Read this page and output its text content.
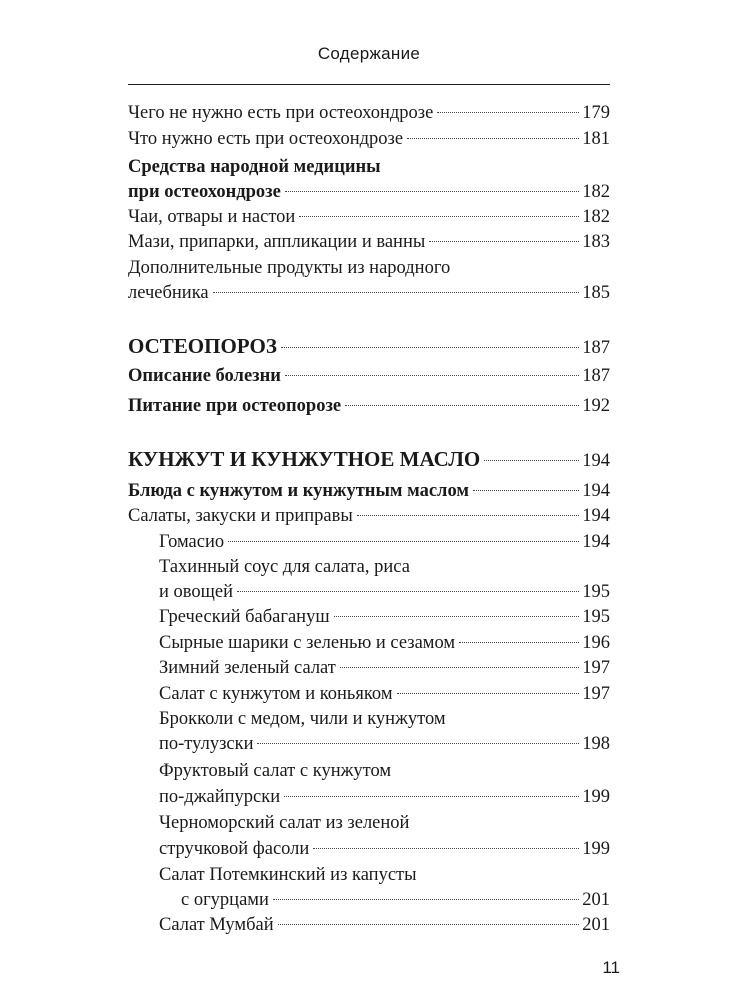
Содержание
Чего не нужно есть при остеохондрозе	179
Что нужно есть при остеохондрозе	181
Средства народной медицины
при остеохондрозе	182
Чаи, отвары и настои	182
Мази, припарки, аппликации и ванны	183
Дополнительные продукты из народного
лечебника	185
ОСТЕОПОРОЗ	187
Описание болезни	187
Питание при остеопорозе	192
КУНЖУТ И КУНЖУТНОЕ МАСЛО	194
Блюда с кунжутом и кунжутным маслом	194
Салаты, закуски и приправы	194
Гомасио	194
Тахинный соус для салата, риса
и овощей	195
Греческий бабагануш	195
Сырные шарики с зеленью и сезамом	196
Зимний зеленый салат	197
Салат с кунжутом и коньяком	197
Брокколи с медом, чили и кунжутом
по-тулузски	198
Фруктовый салат с кунжутом
по-джайпурски	199
Черноморский салат из зеленой
стручковой фасоли	199
Салат Потемкинский из капусты
с огурцами	201
Салат Мумбай	201
11
